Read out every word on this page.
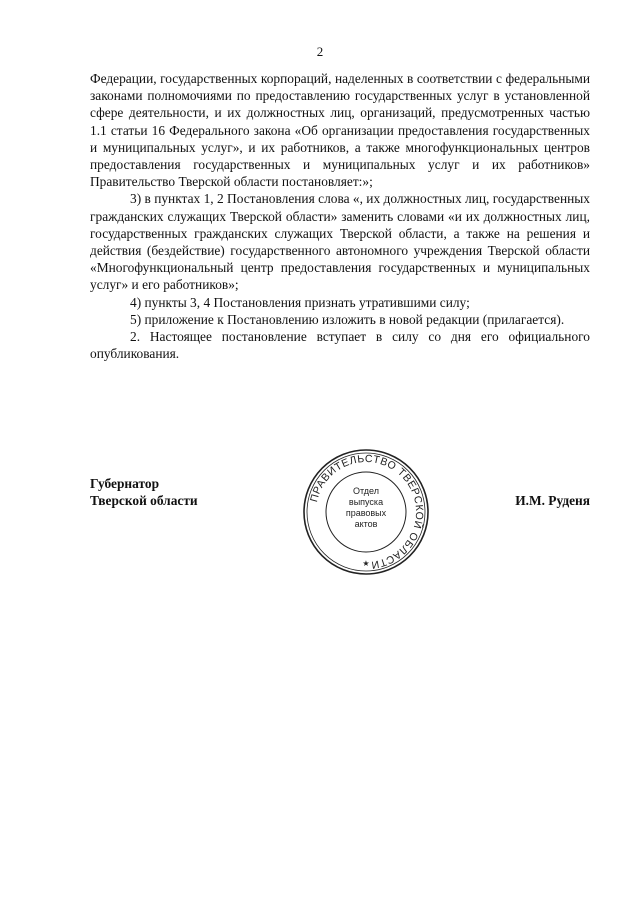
2

Федерации, государственных корпораций, наделенных в соответствии с федеральными законами полномочиями по предоставлению государственных услуг в установленной сфере деятельности, и их должностных лиц, организаций, предусмотренных частью 1.1 статьи 16 Федерального закона «Об организации предоставления государственных и муниципальных услуг», и их работников, а также многофункциональных центров предоставления государственных и муниципальных услуг и их работников» Правительство Тверской области постановляет:»;

3) в пунктах 1, 2 Постановления слова «, их должностных лиц, государственных гражданских служащих Тверской области» заменить словами «и их должностных лиц, государственных гражданских служащих Тверской области, а также на решения и действия (бездействие) государственного автономного учреждения Тверской области «Многофункциональный центр предоставления государственных и муниципальных услуг» и его работников»;

4) пункты 3, 4 Постановления признать утратившими силу;

5) приложение к Постановлению изложить в новой редакции (прилагается).

2. Настоящее постановление вступает в силу со дня его официального опубликования.

Губернатор
Тверской области	ПРАВИТЕЛЬСТВО ТВЕРСКОЙ ОБЛАСТИ
★
Отдел
выпуска
правовых
актов
И.М. Руденя
